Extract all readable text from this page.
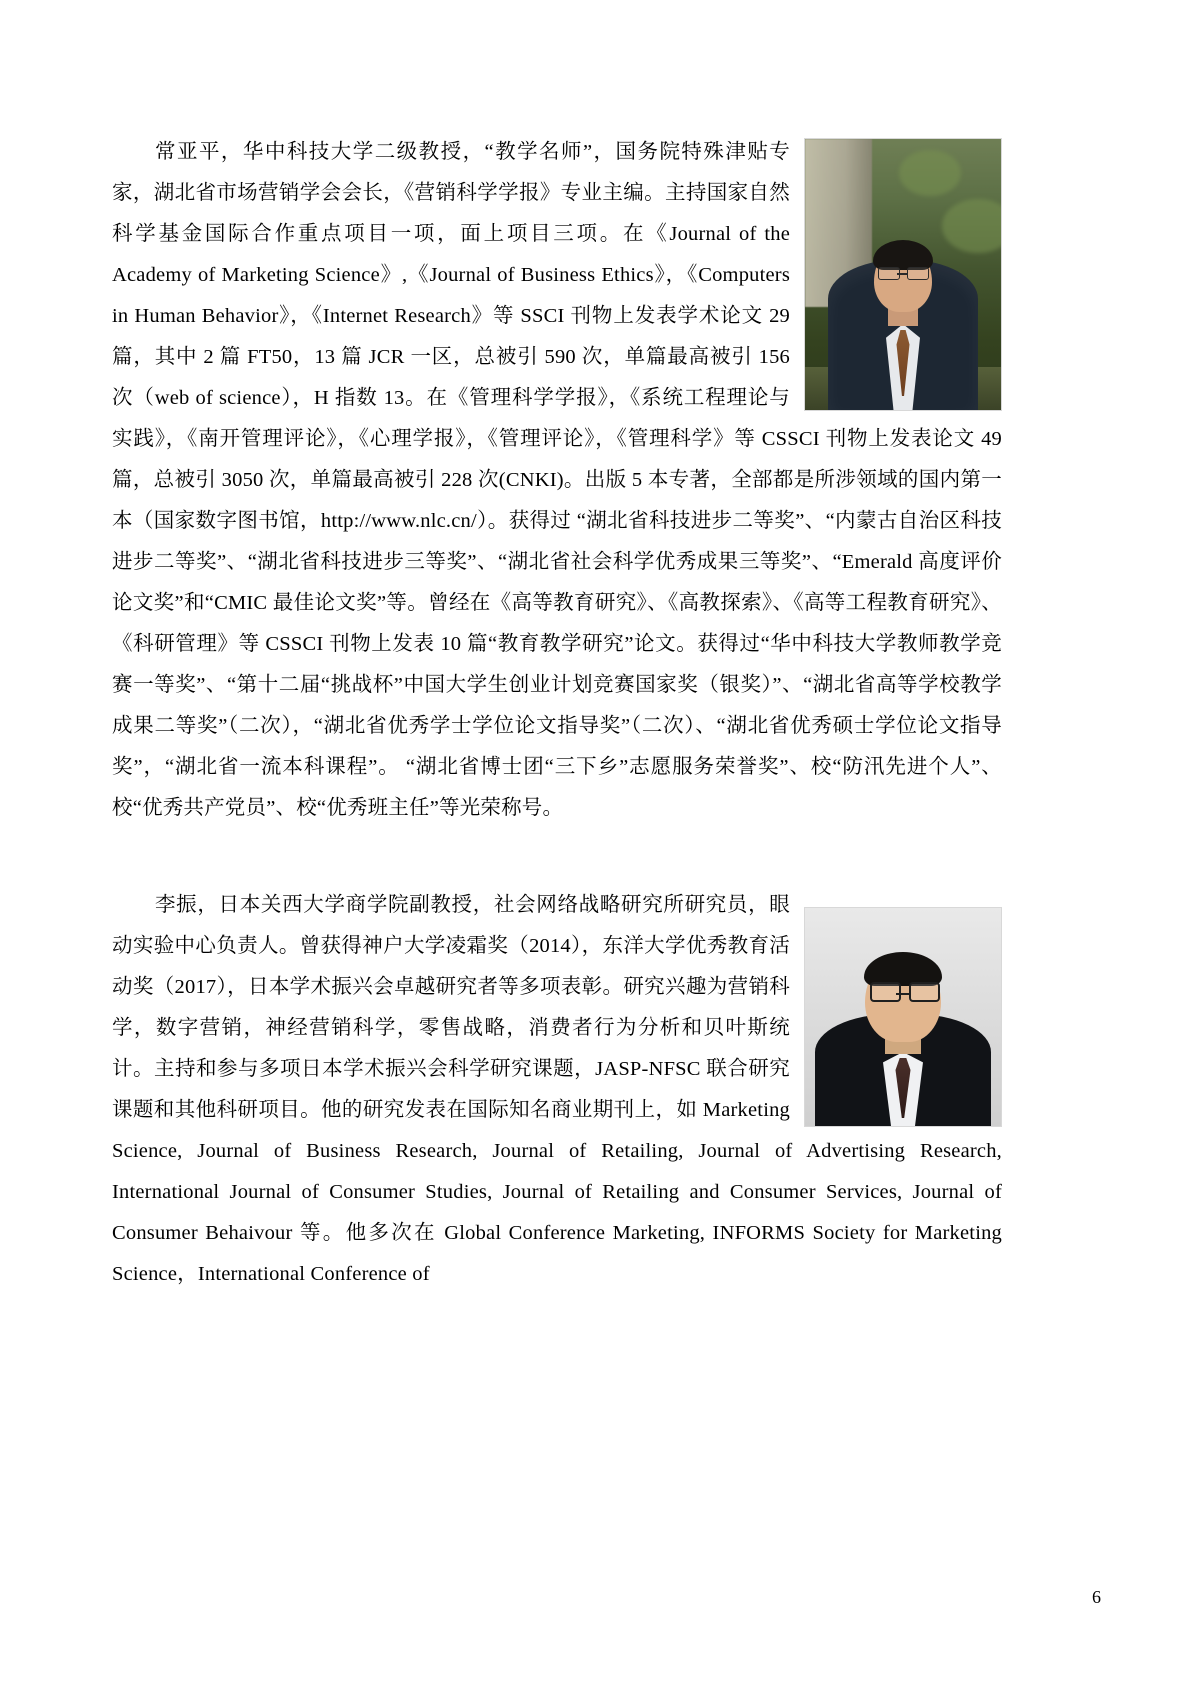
常亚平，华中科技大学二级教授，“教学名师”，国务院特殊津贴专家，湖北省市场营销学会会长，《营销科学学报》专业主编。主持国家自然科学基金国际合作重点项目一项，面上项目三项。在《Journal of the Academy of Marketing Science》,《Journal of Business Ethics》，《Computers in Human Behavior》，《Internet Research》等 SSCI 刊物上发表学术论文 29 篇，其中 2 篇 FT50，13 篇 JCR 一区，总被引 590 次，单篇最高被引 156 次（web of science），H 指数 13。在《管理科学学报》，《系统工程理论与实践》，《南开管理评论》，《心理学报》，《管理评论》，《管理科学》等 CSSCI 刊物上发表论文 49 篇，总被引 3050 次，单篇最高被引 228 次(CNKI)。出版 5 本专著，全部都是所涉领域的国内第一本（国家数字图书馆，http://www.nlc.cn/）。获得过 “湖北省科技进步二等奖”、“内蒙古自治区科技进步二等奖”、“湖北省科技进步三等奖”、“湖北省社会科学优秀成果三等奖”、“Emerald 高度评价论文奖”和“CMIC 最佳论文奖”等。曾经在《高等教育研究》、《高教探索》、《高等工程教育研究》、《科研管理》等 CSSCI 刊物上发表 10 篇“教育教学研究”论文。获得过“华中科技大学教师教学竞赛一等奖”、“第十二届“挑战杯”中国大学生创业计划竞赛国家奖（银奖）”、“湖北省高等学校教学成果二等奖”（二次），“湖北省优秀学士学位论文指导奖”（二次）、“湖北省优秀硕士学位论文指导奖”，“湖北省一流本科课程”。 “湖北省博士团“三下乡”志愿服务荣誉奖”、校“防汛先进个人”、校“优秀共产党员”、校“优秀班主任”等光荣称号。

李振，日本关西大学商学院副教授，社会网络战略研究所研究员，眼动实验中心负责人。曾获得神户大学凌霜奖（2014），东洋大学优秀教育活动奖（2017），日本学术振兴会卓越研究者等多项表彰。研究兴趣为营销科学，数字营销，神经营销科学，零售战略，消费者行为分析和贝叶斯统计。主持和参与多项日本学术振兴会科学研究课题，JASP-NFSC 联合研究课题和其他科研项目。他的研究发表在国际知名商业期刊上，如 Marketing Science, Journal of Business Research, Journal of Retailing, Journal of Advertising Research, International Journal of Consumer Studies, Journal of Retailing and Consumer Services, Journal of Consumer Behaivour 等。他多次在 Global Conference Marketing, INFORMS Society for Marketing Science，International Conference of

6
